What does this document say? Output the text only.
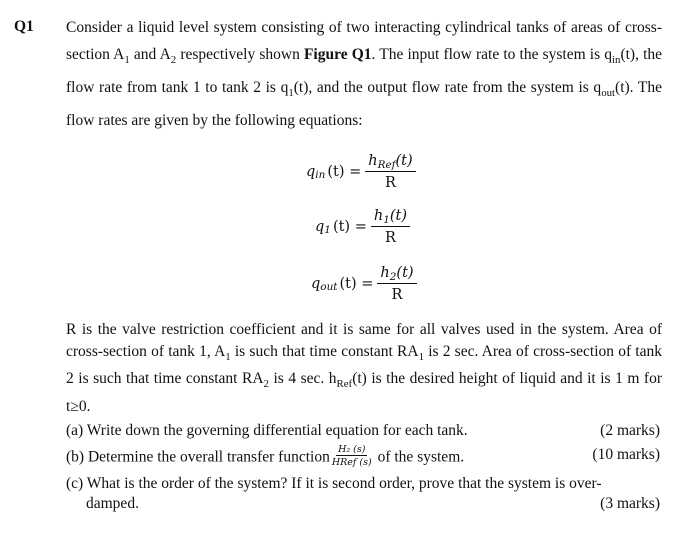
Q1 Consider a liquid level system consisting of two interacting cylindrical tanks of areas of cross-section $A_1$ and $A_2$ respectively shown Figure Q1. The input flow rate to the system is $q_{in}(t)$, the flow rate from tank 1 to tank 2 is $q_1(t)$, and the output flow rate from the system is $q_{out}(t)$. The flow rates are given by the following equations:
q in $(t) = \frac{h_{Ref}(t)}{R}$
q 1 $(t) = \frac{h_1(t)}{R}$
q out $(t) = \frac{h_2(t)}{R}$
R is the valve restriction coefficient and it is same for all valves used in the system. Area of cross-section of tank 1, $A_1$ is such that time constant $RA_1$ is 2 sec. Area of cross-section of tank 2 is such that time constant $RA_2$ is 4 sec. $h_{Ref}(t)$ is the desired height of liquid and it is 1 m for t≥0.
(a) Write down the governing differential equation for each tank.	(2 marks)
(b) Determine the overall transfer function $\frac{\text{H₂ (s)}}{\text{HRef (s)}}$ of the system.	(10 marks)
(c) What is the order of the system? If it is second order, prove that the system is over-
damped.	(3 marks)
